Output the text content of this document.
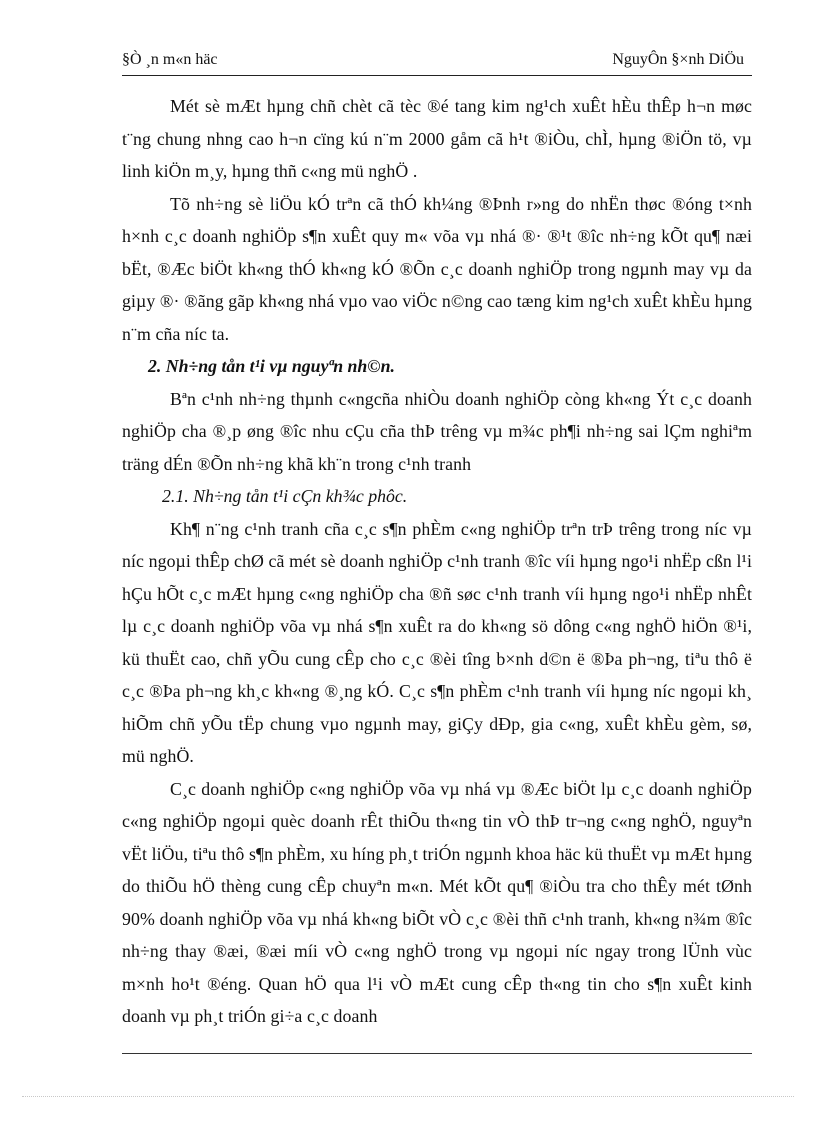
§Ò ¸n m«n häc	NguyÔn §×nh DiÖu

Mét sè mÆt hµng chñ chèt cã tèc ®é tang kim ng¹ch xuÊt hÈu thÊp h¬n møc t¨ng chung nhng cao h¬n cïng kú n¨m 2000 gåm cã h¹t ®iÒu, chÌ, hµng ®iÖn tö, vµ linh kiÖn m¸y, hµng thñ c«ng mü nghÖ .

Tõ nh÷ng sè liÖu kÓ trªn cã thÓ kh¼ng ®Þnh r»ng do nhËn thøc ®óng t×nh h×nh c¸c doanh nghiÖp s¶n xuÊt quy m« võa vµ nhá ®· ®¹t ®îc nh÷ng kÕt qu¶ næi bËt, ®Æc biÖt kh«ng thÓ kh«ng kÓ ®Õn c¸c doanh nghiÖp trong ngµnh may vµ da giµy ®· ®ãng gãp kh«ng nhá vµo vao viÖc n©ng cao tæng kim ng¹ch xuÊt khÈu hµng n¨m cña níc ta.

2. Nh÷ng tån t¹i vµ nguyªn nh©n.

Bªn c¹nh nh÷ng thµnh c«ngcña nhiÒu doanh nghiÖp còng kh«ng Ýt c¸c doanh nghiÖp cha ®¸p øng ®îc nhu cÇu cña thÞ trêng vµ m¾c ph¶i nh÷ng sai lÇm nghiªm träng dÉn ®Õn nh÷ng khã kh¨n trong c¹nh tranh

2.1. Nh÷ng tån t¹i cÇn kh¾c phôc.

Kh¶ n¨ng c¹nh tranh cña c¸c s¶n phÈm c«ng nghiÖp trªn trÞ trêng trong níc vµ níc ngoµi thÊp chØ cã mét sè doanh nghiÖp c¹nh tranh ®îc víi hµng ngo¹i nhËp cßn l¹i hÇu hÕt c¸c mÆt hµng c«ng nghiÖp cha ®ñ søc c¹nh tranh víi hµng ngo¹i nhËp nhÊt lµ c¸c doanh nghiÖp võa vµ nhá s¶n xuÊt ra do kh«ng sö dông c«ng nghÖ hiÖn ®¹i, kü thuËt cao, chñ yÕu cung cÊp cho c¸c ®èi tîng b×nh d©n ë ®Þa ph¬ng, tiªu thô ë c¸c ®Þa ph¬ng kh¸c kh«ng ®¸ng kÓ. C¸c s¶n phÈm c¹nh tranh víi hµng níc ngoµi kh¸ hiÕm chñ yÕu tËp chung vµo ngµnh may, giÇy dÐp, gia c«ng, xuÊt khÈu gèm, sø, mü nghÖ.

C¸c doanh nghiÖp c«ng nghiÖp võa vµ nhá vµ ®Æc biÖt lµ c¸c doanh nghiÖp c«ng nghiÖp ngoµi quèc doanh rÊt thiÕu th«ng tin vÒ thÞ tr¬ng c«ng nghÖ, nguyªn vËt liÖu, tiªu thô s¶n phÈm, xu híng ph¸t triÓn ngµnh khoa häc kü thuËt vµ mÆt hµng do thiÕu hÖ thèng cung cÊp chuyªn m«n. Mét kÕt qu¶ ®iÒu tra cho thÊy mét tØnh 90% doanh nghiÖp võa vµ nhá kh«ng biÕt vÒ c¸c ®èi thñ c¹nh tranh, kh«ng n¾m ®îc nh÷ng thay ®æi, ®æi míi vÒ c«ng nghÖ trong vµ ngoµi níc ngay trong lÜnh vùc m×nh ho¹t ®éng. Quan hÖ qua l¹i vÒ mÆt cung cÊp th«ng tin cho s¶n xuÊt kinh doanh vµ ph¸t triÓn gi÷a c¸c doanh
